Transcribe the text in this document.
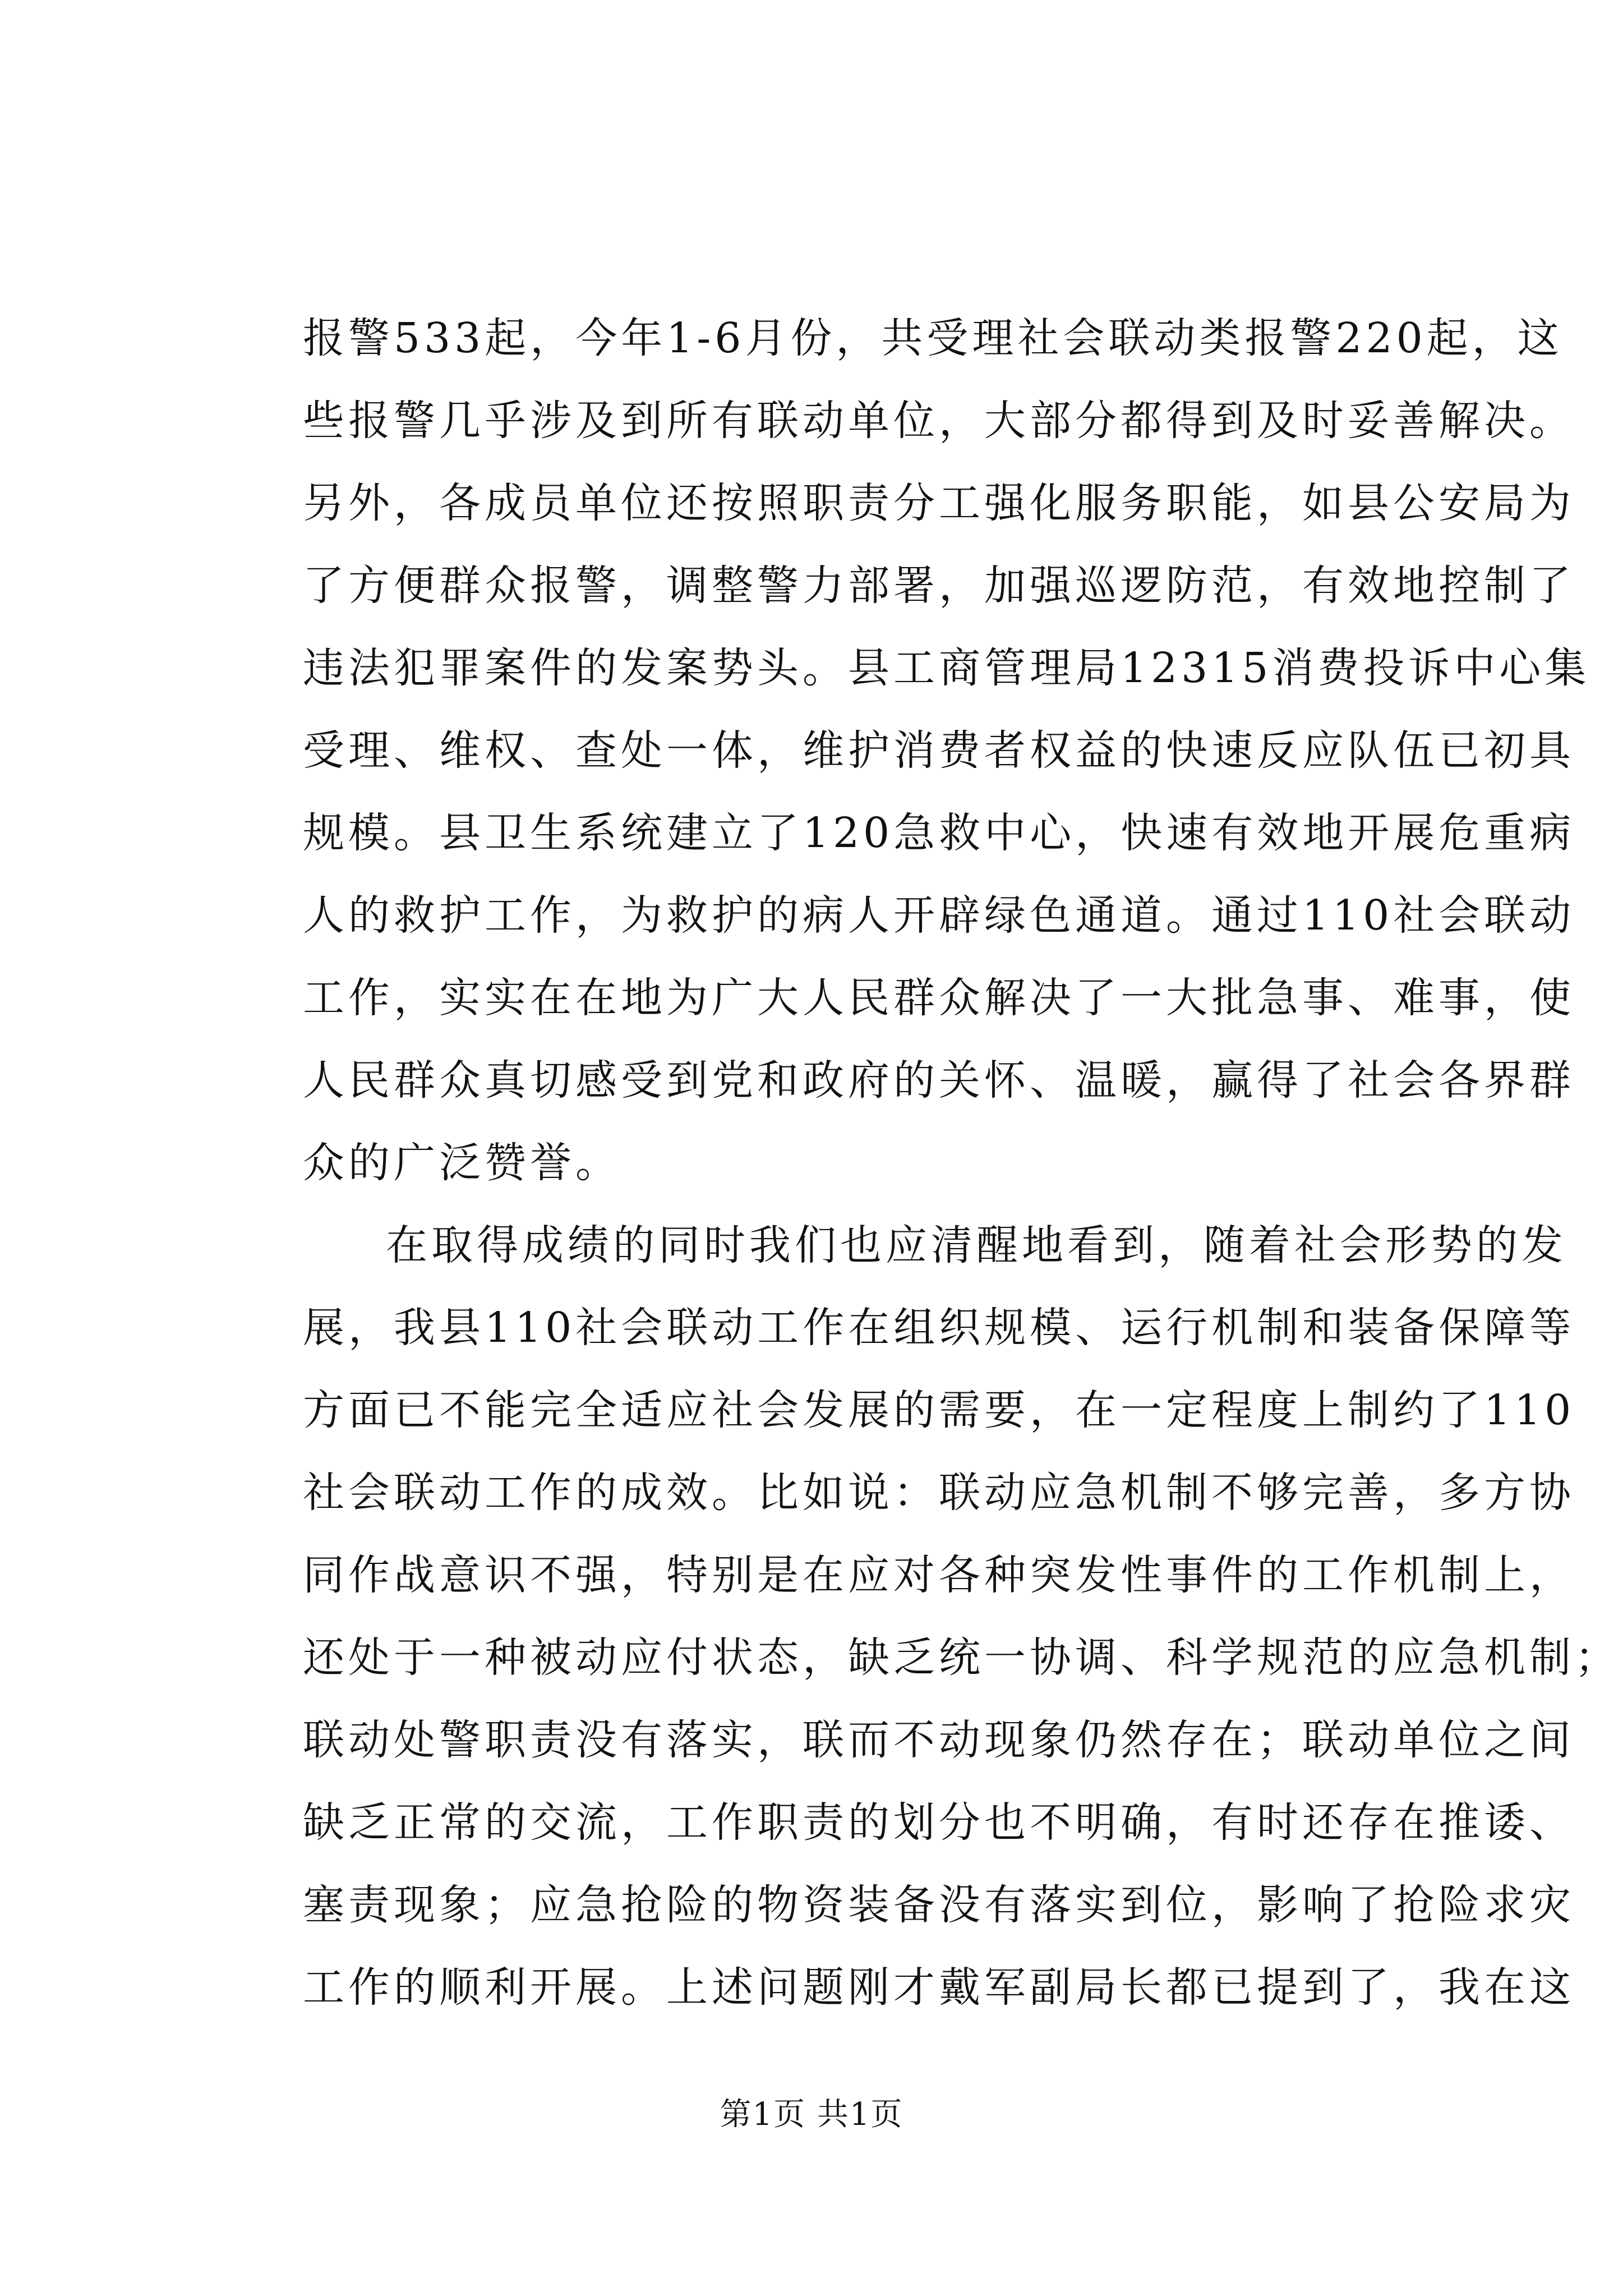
报警533起，今年1-6月份，共受理社会联动类报警220起，这
些报警几乎涉及到所有联动单位，大部分都得到及时妥善解决。
另外，各成员单位还按照职责分工强化服务职能，如县公安局为
了方便群众报警，调整警力部署，加强巡逻防范，有效地控制了
违法犯罪案件的发案势头。县工商管理局12315消费投诉中心集
受理、维权、查处一体，维护消费者权益的快速反应队伍已初具
规模。县卫生系统建立了120急救中心，快速有效地开展危重病
人的救护工作，为救护的病人开辟绿色通道。通过110社会联动
工作，实实在在地为广大人民群众解决了一大批急事、难事，使
人民群众真切感受到党和政府的关怀、温暖，赢得了社会各界群
众的广泛赞誉。
在取得成绩的同时我们也应清醒地看到，随着社会形势的发
展，我县110社会联动工作在组织规模、运行机制和装备保障等
方面已不能完全适应社会发展的需要，在一定程度上制约了110
社会联动工作的成效。比如说：联动应急机制不够完善，多方协
同作战意识不强，特别是在应对各种突发性事件的工作机制上，
还处于一种被动应付状态，缺乏统一协调、科学规范的应急机制；
联动处警职责没有落实，联而不动现象仍然存在；联动单位之间
缺乏正常的交流，工作职责的划分也不明确，有时还存在推诿、
塞责现象；应急抢险的物资装备没有落实到位，影响了抢险求灾
工作的顺利开展。上述问题刚才戴军副局长都已提到了，我在这
第1页 共1页
